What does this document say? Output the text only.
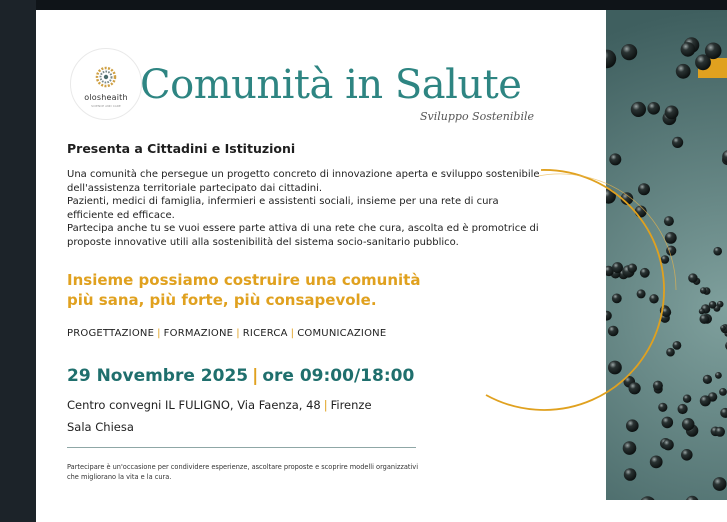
olosheaith
SCIENCE AND CARE Comunità in Salute
Sviluppo Sostenibile
Presenta a Cittadini e Istituzioni

Una comunità che persegue un progetto concreto di innovazione aperta e sviluppo sostenibile dell'assistenza territoriale partecipato dai cittadini.

Pazienti, medici di famiglia, infermieri e assistenti sociali, insieme per una rete di cura efficiente ed efficace.

Partecipa anche tu se vuoi essere parte attiva di una rete che cura, ascolta ed è promotrice di proposte innovative utili alla sostenibilità del sistema socio-sanitario pubblico.

Insieme possiamo costruire una comunità
più sana, più forte, più consapevole.
PROGETTAZIONE | FORMAZIONE | RICERCA | COMUNICAZIONE
29 Novembre 2025 | ore 09:00/18:00
Centro convegni IL FULIGNO, Via Faenza, 48 | Firenze
Sala Chiesa
Partecipare è un'occasione per condividere esperienze, ascoltare proposte e scoprire modelli organizzativi che migliorano la vita e la cura.
